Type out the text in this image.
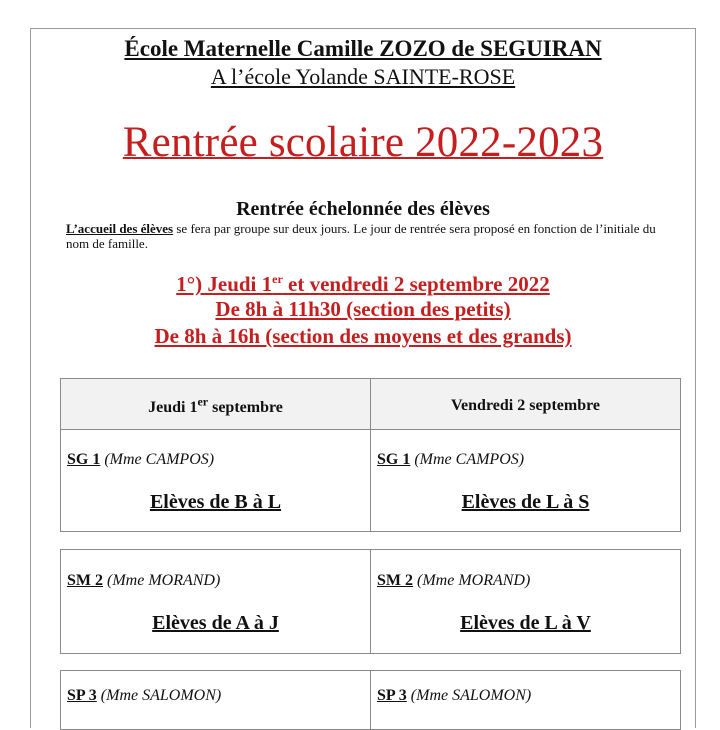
École Maternelle Camille ZOZO de SEGUIRAN
A l’école Yolande SAINTE-ROSE
Rentrée scolaire 2022-2023
Rentrée échelonnée des élèves
L’accueil des élèves se fera par groupe sur deux jours. Le jour de rentrée sera proposé en fonction de l’initiale du nom de famille.
1°) Jeudi 1er et vendredi 2 septembre 2022
De 8h à 11h30 (section des petits)
De 8h à 16h (section des moyens et des grands)
Jeudi 1er septembre	Vendredi 2 septembre
SG 1 (Mme CAMPOS)
Elèves de B à L
SG 1 (Mme CAMPOS)
Elèves de L à S
SM 2 (Mme MORAND)
Elèves de A à J
SM 2 (Mme MORAND)
Elèves de L à V
SP 3 (Mme SALOMON)	SP 3 (Mme SALOMON)
